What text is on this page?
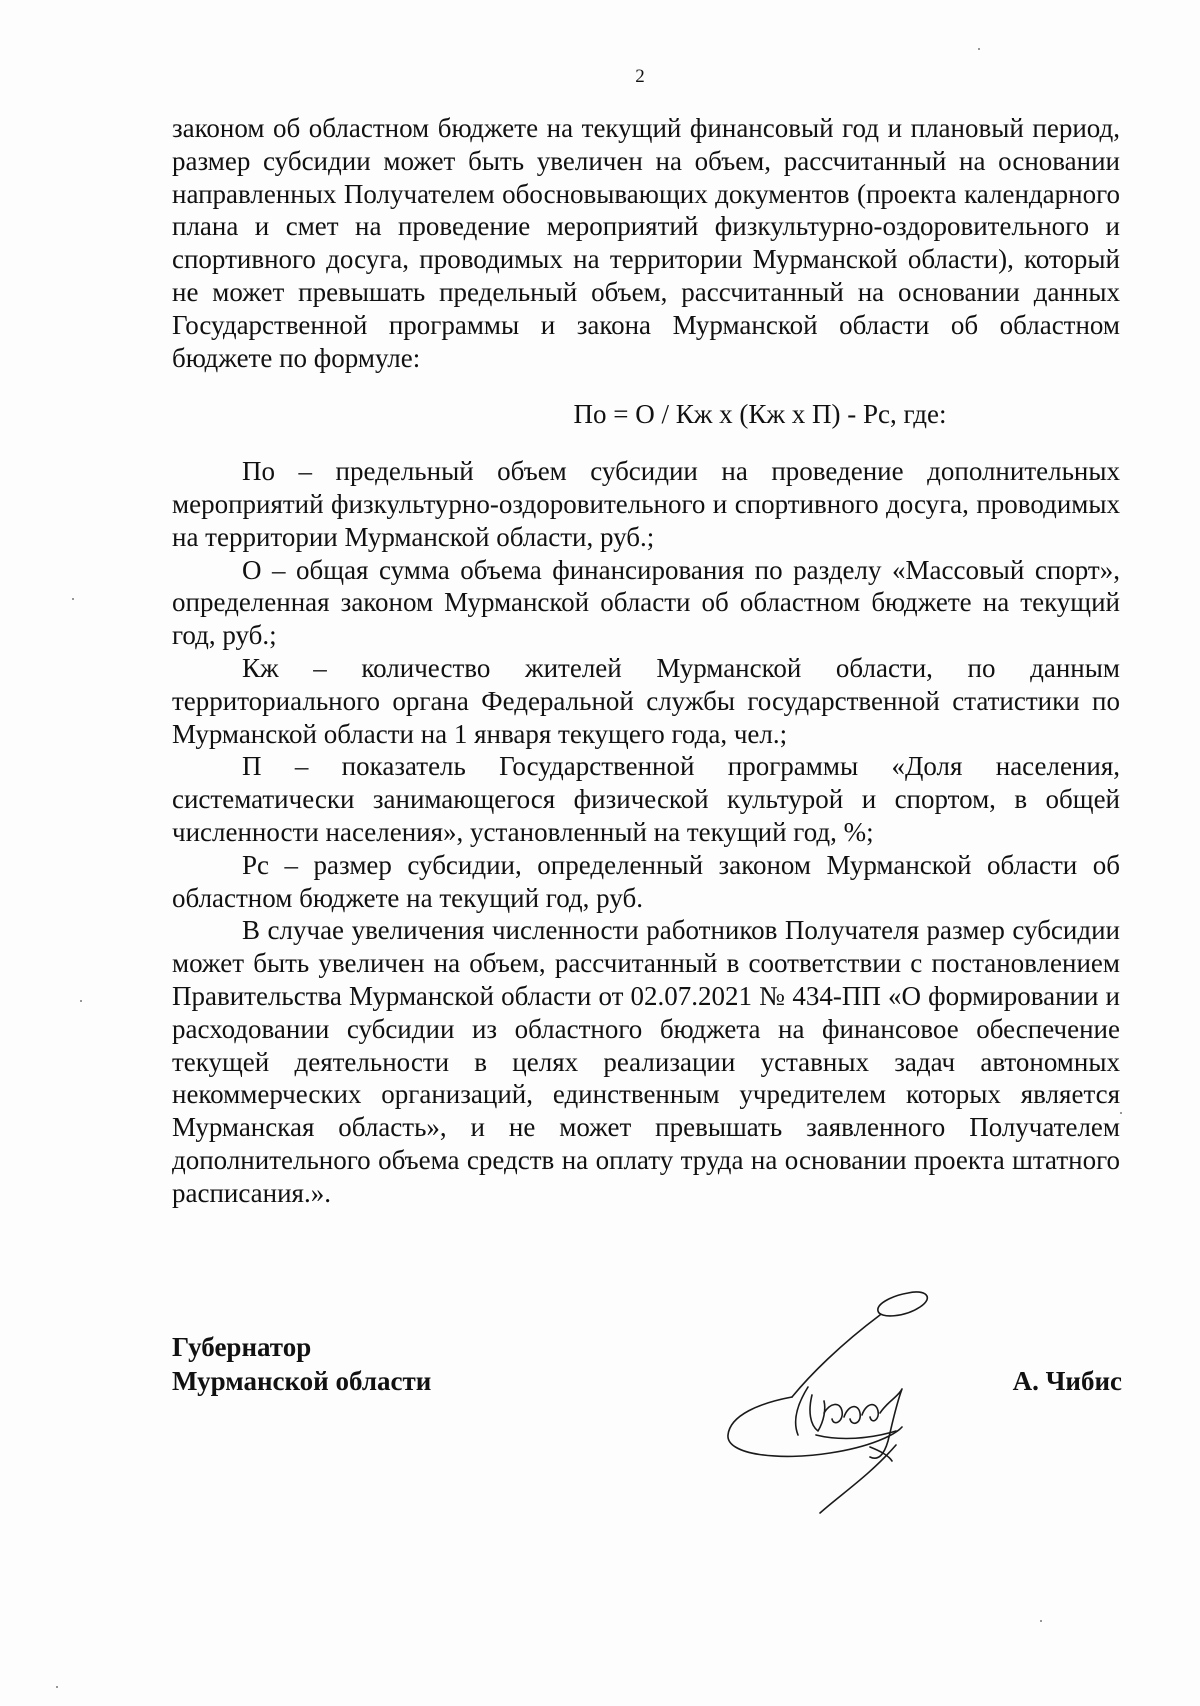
2

законом об областном бюджете на текущий финансовый год и плановый период, размер субсидии может быть увеличен на объем, рассчитанный на основании направленных Получателем обосновывающих документов (проекта календарного плана и смет на проведение мероприятий физкультурно-оздоровительного и спортивного досуга, проводимых на территории Мурманской области), который не может превышать предельный объем, рассчитанный на основании данных Государственной программы и закона Мурманской области об областном бюджете по формуле:

По = О / Кж х (Кж х П) - Рс, где:

По – предельный объем субсидии на проведение дополнительных мероприятий физкультурно-оздоровительного и спортивного досуга, проводимых на территории Мурманской области, руб.;

О – общая сумма объема финансирования по разделу «Массовый спорт», определенная законом Мурманской области об областном бюджете на текущий год, руб.;

Кж – количество жителей Мурманской области, по данным территориального органа Федеральной службы государственной статистики по Мурманской области на 1 января текущего года, чел.;

П – показатель Государственной программы «Доля населения, систематически занимающегося физической культурой и спортом, в общей численности населения», установленный на текущий год, %;

Рс – размер субсидии, определенный законом Мурманской области об областном бюджете на текущий год, руб.

В случае увеличения численности работников Получателя размер субсидии может быть увеличен на объем, рассчитанный в соответствии с постановлением Правительства Мурманской области от 02.07.2021 № 434-ПП «О формировании и расходовании субсидии из областного бюджета на финансовое обеспечение текущей деятельности в целях реализации уставных задач автономных некоммерческих организаций, единственным учредителем которых является Мурманская область», и не может превышать заявленного Получателем дополнительного объема средств на оплату труда на основании проекта штатного расписания.».

Губернатор
Мурманской области	А. Чибис
